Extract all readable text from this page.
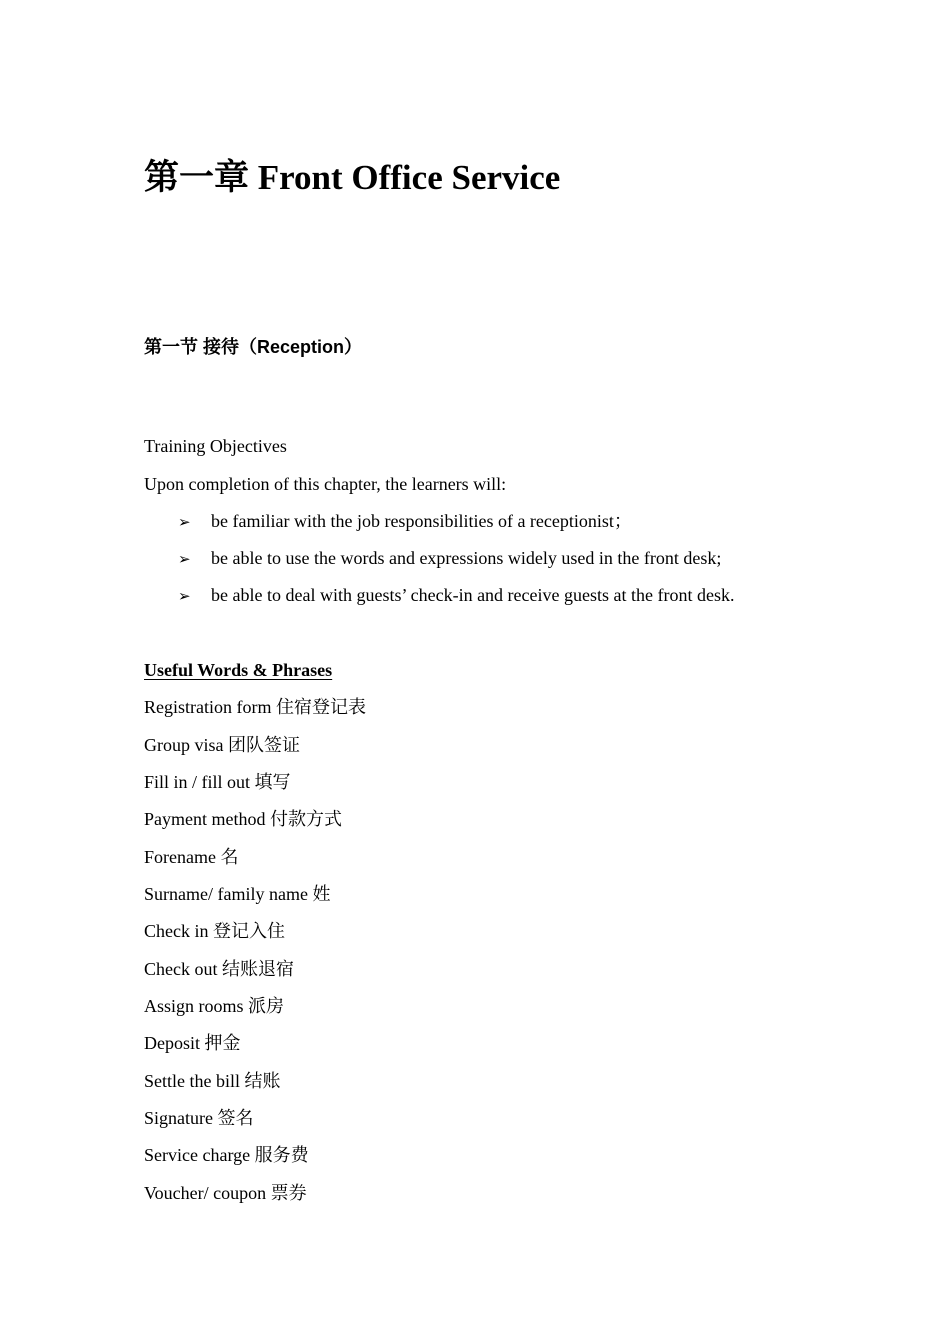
第一章 Front Office Service
第一节 接待（Reception）

Training Objectives

Upon completion of this chapter, the learners will:

➢ be familiar with the job responsibilities of a receptionist；
➢ be able to use the words and expressions widely used in the front desk;
➢ be able to deal with guests’ check-in and receive guests at the front desk.

Useful Words & Phrases

Registration form 住宿登记表

Group visa 团队签证

Fill in / fill out 填写

Payment method 付款方式

Forename 名

Surname/ family name 姓

Check in 登记入住

Check out 结账退宿

Assign rooms 派房

Deposit 押金

Settle the bill 结账

Signature 签名

Service charge 服务费

Voucher/ coupon 票券
